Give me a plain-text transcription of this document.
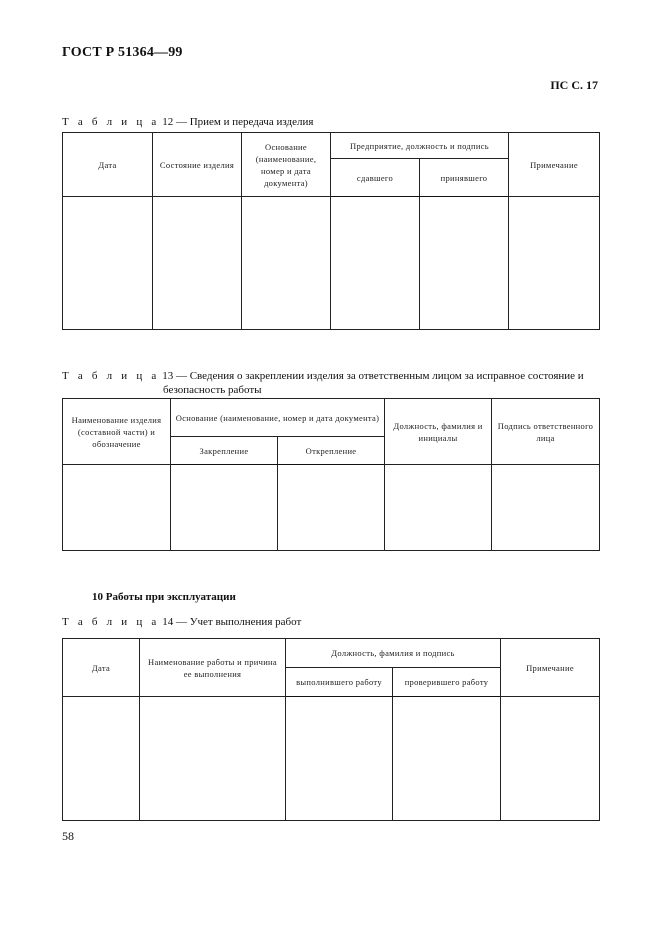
ГОСТ Р 51364—99
ПС С. 17
Т а б л и ц а 12 — Прием и передача изделия
Дата	Состояние изделия	Основание (наименование, номер и дата документа)	Предприятие, должность и подпись		Примечание
			сдавшего	принявшего	

Т а б л и ц а 13 — Сведения о закреплении изделия за ответственным лицом за исправное состояние и
безопасность работы
Наименование изделия (составной части) и обозначение	Основание (наименование, номер и дата документа)		Должность, фамилия и инициалы	Подпись ответственного лица
	Закрепление	Открепление		

10 Работы при эксплуатации
Т а б л и ц а 14 — Учет выполнения работ
Дата	Наименование работы и причина ее выполнения	Должность, фамилия и подпись		Примечание
		выполнившего работу	проверившего работу	

58
